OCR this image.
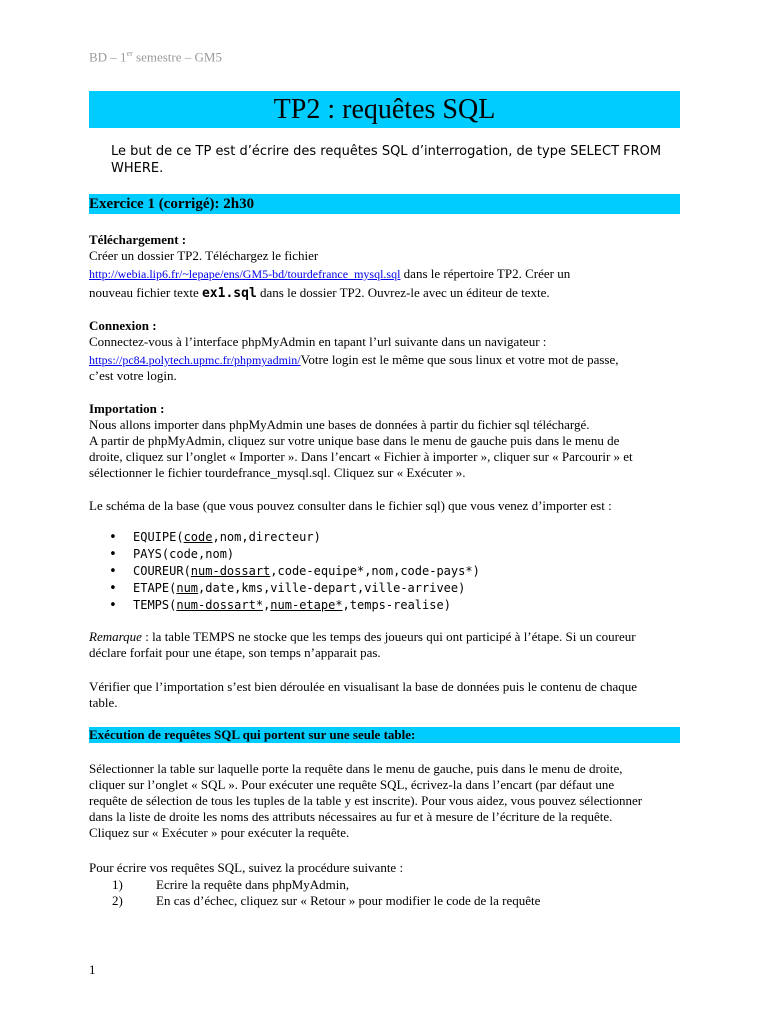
BD – 1er semestre – GM5
TP2 : requêtes SQL
Le but de ce TP est d’écrire des requêtes SQL d’interrogation, de type SELECT FROM WHERE.
Exercice 1 (corrigé): 2h30
Téléchargement :
Créer un dossier TP2. Téléchargez le fichier
http://webia.lip6.fr/~lepape/ens/GM5-bd/tourdefrance_mysql.sql dans le répertoire TP2. Créer un
nouveau fichier texte ex1.sql dans le dossier TP2. Ouvrez-le avec un éditeur de texte.
Connexion :
Connectez-vous à l’interface phpMyAdmin en tapant l’url suivante dans un navigateur :
https://pc84.polytech.upmc.fr/phpmyadmin/Votre login est le même que sous linux et votre mot de passe,
c’est votre login.
Importation :
Nous allons importer dans phpMyAdmin une bases de données à partir du fichier sql téléchargé.
A partir de phpMyAdmin, cliquez sur votre unique base dans le menu de gauche puis dans le menu de
droite, cliquez sur l’onglet « Importer ». Dans l’encart « Fichier à importer », cliquer sur « Parcourir » et
sélectionner le fichier tourdefrance_mysql.sql. Cliquez sur « Exécuter ».
Le schéma de la base (que vous pouvez consulter dans le fichier sql) que vous venez d’importer est :
• EQUIPE(code,nom,directeur)
• PAYS(code,nom)
• COUREUR(num-dossart,code-equipe*,nom,code-pays*)
• ETAPE(num,date,kms,ville-depart,ville-arrivee)
• TEMPS(num-dossart*,num-etape*,temps-realise)
Remarque : la table TEMPS ne stocke que les temps des joueurs qui ont participé à l’étape. Si un coureur
déclare forfait pour une étape, son temps n’apparait pas.
Vérifier que l’importation s’est bien déroulée en visualisant la base de données puis le contenu de chaque
table.
Exécution de requêtes SQL qui portent sur une seule table:
Sélectionner la table sur laquelle porte la requête dans le menu de gauche, puis dans le menu de droite,
cliquer sur l’onglet « SQL ». Pour exécuter une requête SQL, écrivez-la dans l’encart (par défaut une
requête de sélection de tous les tuples de la table y est inscrite). Pour vous aidez, vous pouvez sélectionner
dans la liste de droite les noms des attributs nécessaires au fur et à mesure de l’écriture de la requête.
Cliquez sur « Exécuter » pour exécuter la requête.
Pour écrire vos requêtes SQL, suivez la procédure suivante :
1)	Ecrire la requête dans phpMyAdmin,
2)	En cas d’échec, cliquez sur « Retour » pour modifier le code de la requête
1
